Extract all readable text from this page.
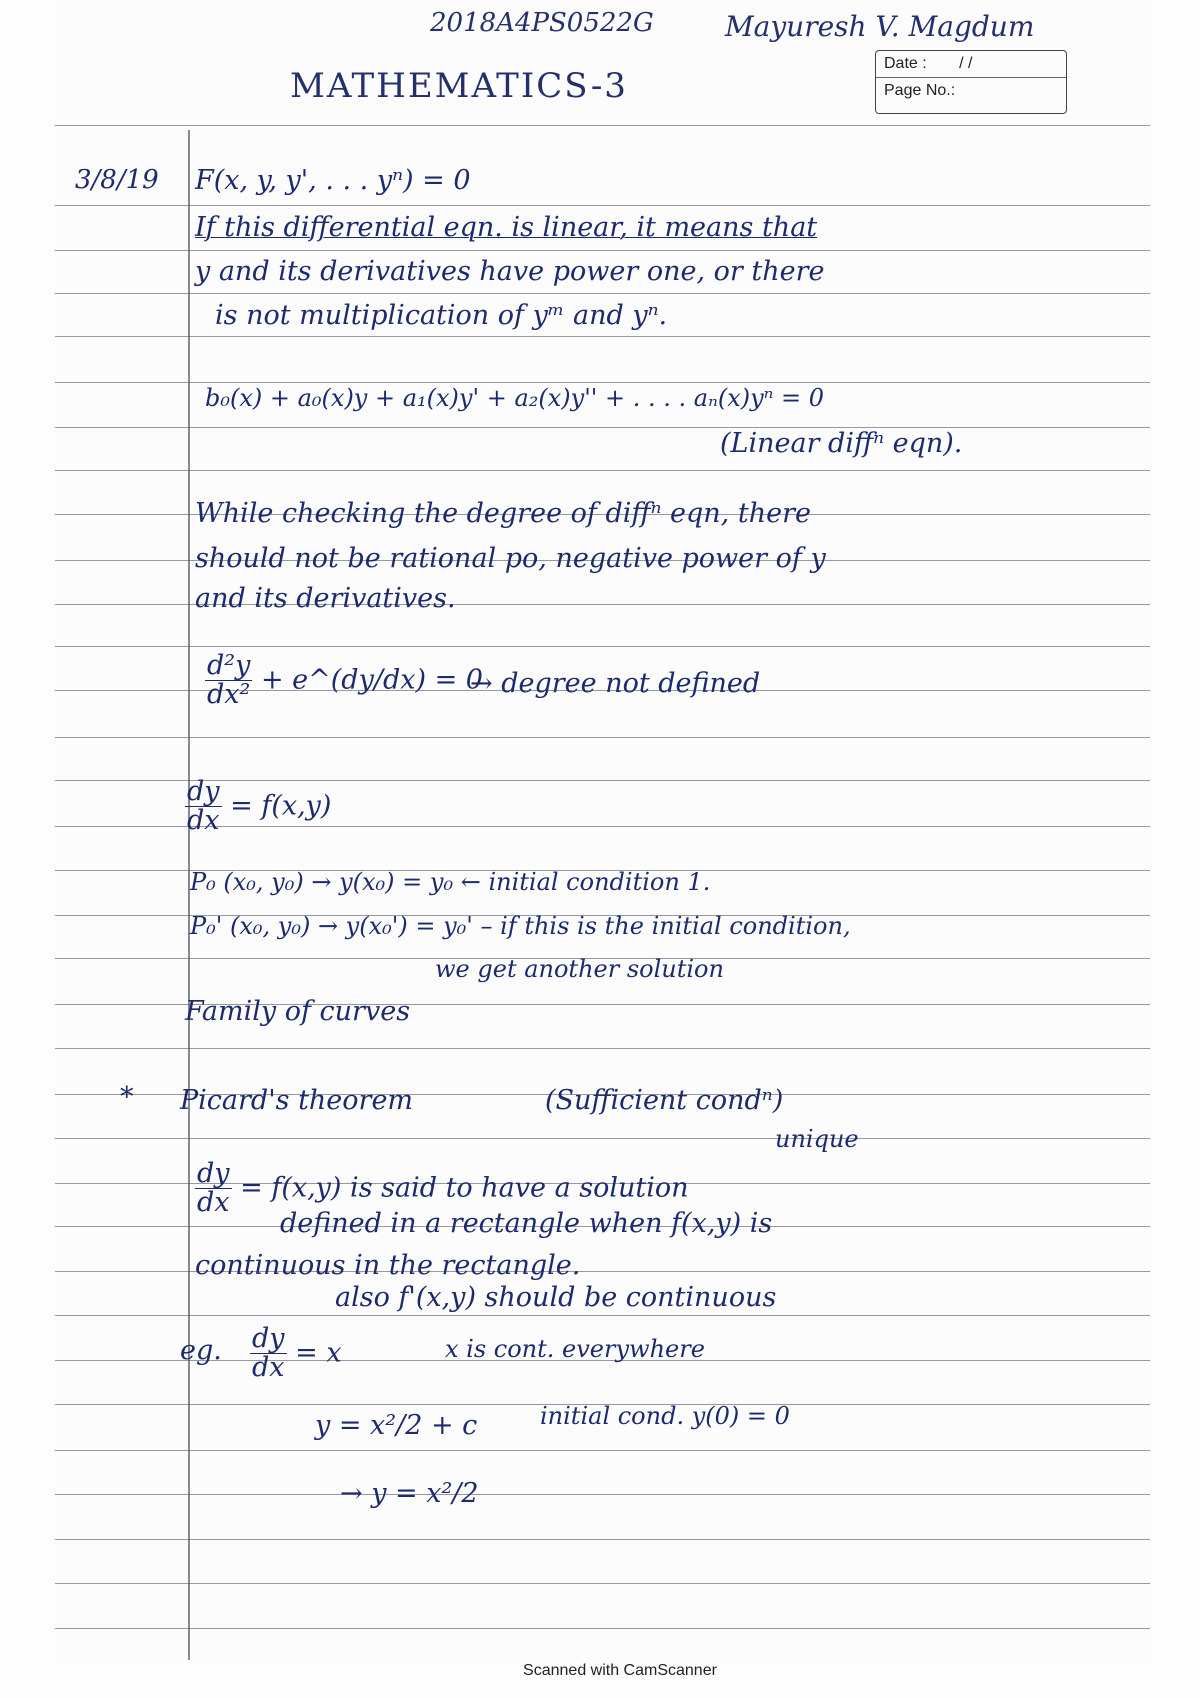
2018A4PS0522G	Mayuresh V. Magdum
MATHEMATICS-3
Date : / /
Page No.:
3/8/19 F(x, y, y', . . . yⁿ) = 0
If this differential eqn. is linear, it means that
y and its derivatives have power one, or there
is not multiplication of yᵐ and yⁿ.
b₀(x) + a₀(x)y + a₁(x)y' + a₂(x)y'' + . . . . aₙ(x)yⁿ = 0
(Linear diffⁿ eqn).
While checking the degree of diffⁿ eqn, there
should not be rational po, negative power of y
and its derivatives.
$\frac{\text{d²y}}{\text{dx²}}$ + e^(dy/dx) = 0
→ degree not defined
$\frac{dy}{dx} = f(x,y)$
P₀ (x₀, y₀) → y(x₀) = y₀ ← initial condition 1.
P₀' (x₀, y₀) → y(x₀') = y₀' – if this is the initial condition,
we get another solution
Family of curves
* Picard's theorem	(Sufficient condⁿ)
unique
$\frac{dy}{dx} = f(x,y)$ is said to have a solution
defined in a rectangle when f(x,y) is
continuous in the rectangle.
also f'(x,y) should be continuous
eg. $\frac{dy}{dx} = x$	x is cont. everywhere
y = x²/2 + c	initial cond. y(0) = 0
→ y = x²/2
Scanned with CamScanner
